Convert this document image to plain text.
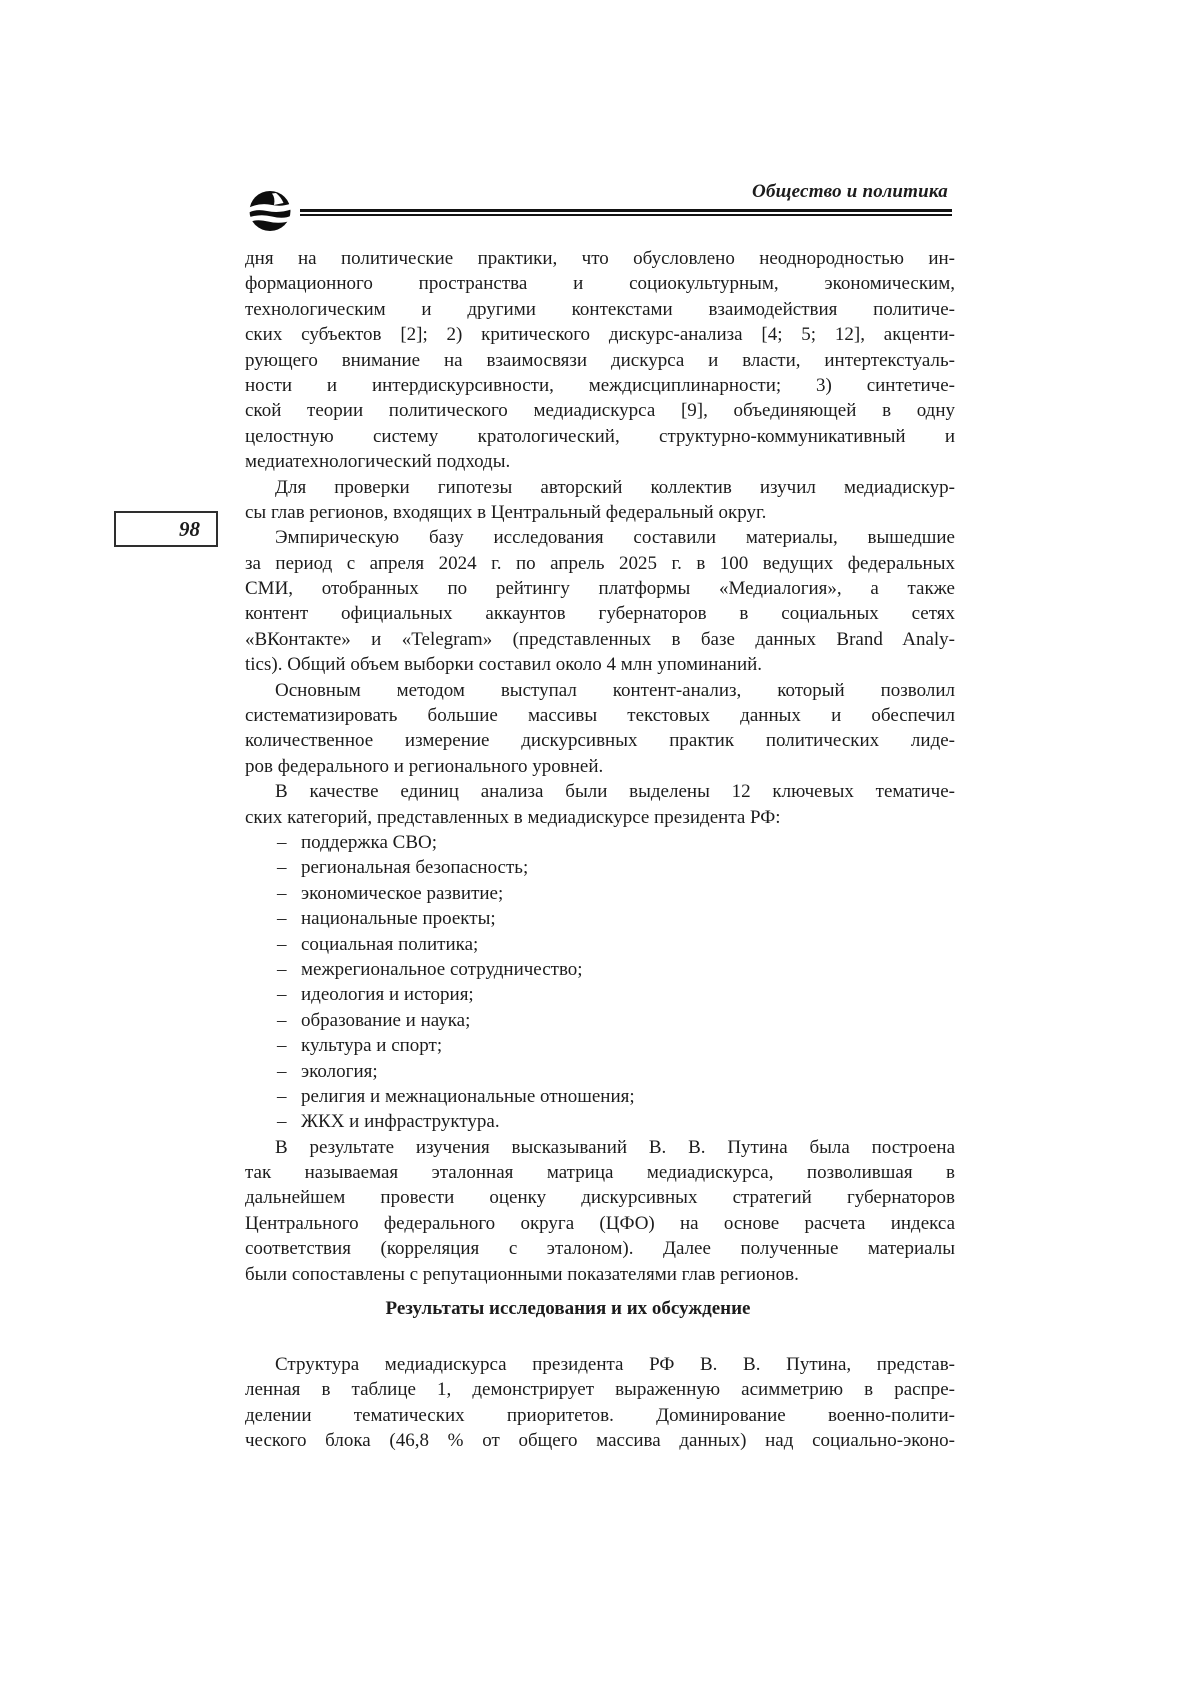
Общество и политика
98
дня на политические практики, что обусловлено неоднородностью ин-
формационного пространства и социокультурным, экономическим,
технологическим и другими контекстами взаимодействия политиче-
ских субъектов [2]; 2) критического дискурс-анализа [4; 5; 12], акценти-
рующего внимание на взаимосвязи дискурса и власти, интертекстуаль-
ности и интердискурсивности, междисциплинарности; 3) синтетиче-
ской теории политического медиадискурса [9], объединяющей в одну
целостную систему кратологический, структурно-коммуникативный и
медиатехнологический подходы.
Для проверки гипотезы авторский коллектив изучил медиадискур-
сы глав регионов, входящих в Центральный федеральный округ.
Эмпирическую базу исследования составили материалы, вышедшие
за период с апреля 2024 г. по апрель 2025 г. в 100 ведущих федеральных
СМИ, отобранных по рейтингу платформы «Медиалогия», а также
контент официальных аккаунтов губернаторов в социальных сетях
«ВКонтакте» и «Telegram» (представленных в базе данных Brand Analy-
tics). Общий объем выборки составил около 4 млн упоминаний.
Основным методом выступал контент-анализ, который позволил
систематизировать большие массивы текстовых данных и обеспечил
количественное измерение дискурсивных практик политических лиде-
ров федерального и регионального уровней.
В качестве единиц анализа были выделены 12 ключевых тематиче-
ских категорий, представленных в медиадискурсе президента РФ:
– поддержка СВО;
– региональная безопасность;
– экономическое развитие;
– национальные проекты;
– социальная политика;
– межрегиональное сотрудничество;
– идеология и история;
– образование и наука;
– культура и спорт;
– экология;
– религия и межнациональные отношения;
– ЖКХ и инфраструктура.
В результате изучения высказываний В. В. Путина была построена
так называемая эталонная матрица медиадискурса, позволившая в
дальнейшем провести оценку дискурсивных стратегий губернаторов
Центрального федерального округа (ЦФО) на основе расчета индекса
соответствия (корреляция с эталоном). Далее полученные материалы
были сопоставлены с репутационными показателями глав регионов.
Результаты исследования и их обсуждение
Структура медиадискурса президента РФ В. В. Путина, представ-
ленная в таблице 1, демонстрирует выраженную асимметрию в распре-
делении тематических приоритетов. Доминирование военно-полити-
ческого блока (46,8 % от общего массива данных) над социально-эконо-
